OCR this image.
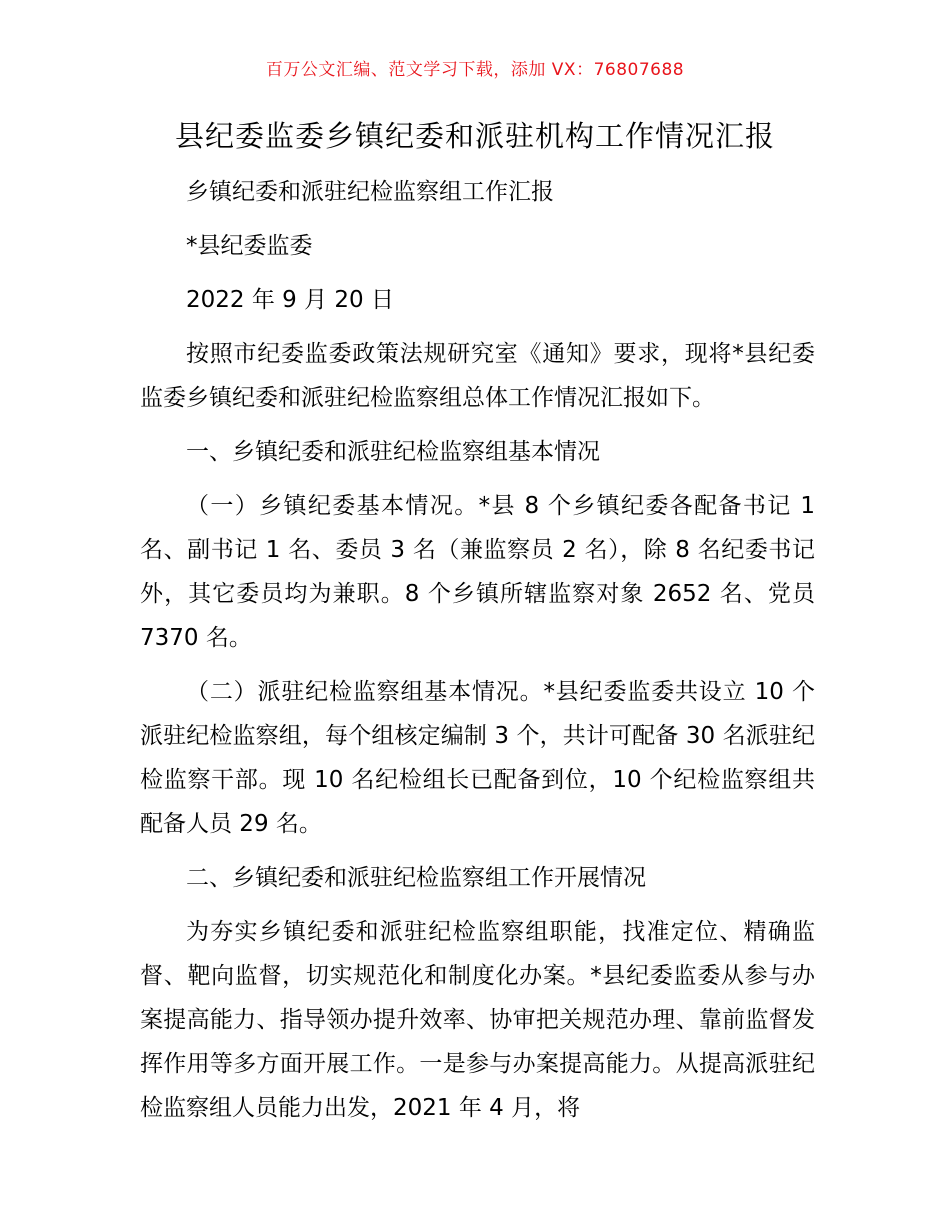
百万公文汇编、范文学习下载，添加 VX：76807688
县纪委监委乡镇纪委和派驻机构工作情况汇报

乡镇纪委和派驻纪检监察组工作汇报

*县纪委监委

2022 年 9 月 20 日

按照市纪委监委政策法规研究室《通知》要求，现将*县纪委监委乡镇纪委和派驻纪检监察组总体工作情况汇报如下。

一、乡镇纪委和派驻纪检监察组基本情况

（一）乡镇纪委基本情况。*县 8 个乡镇纪委各配备书记 1 名、副书记 1 名、委员 3 名（兼监察员 2 名），除 8 名纪委书记外，其它委员均为兼职。8 个乡镇所辖监察对象 2652 名、党员 7370 名。

（二）派驻纪检监察组基本情况。*县纪委监委共设立 10 个派驻纪检监察组，每个组核定编制 3 个，共计可配备 30 名派驻纪检监察干部。现 10 名纪检组长已配备到位，10 个纪检监察组共配备人员 29 名。

二、乡镇纪委和派驻纪检监察组工作开展情况

为夯实乡镇纪委和派驻纪检监察组职能，找准定位、精确监督、靶向监督，切实规范化和制度化办案。*县纪委监委从参与办案提高能力、指导领办提升效率、协审把关规范办理、靠前监督发挥作用等多方面开展工作。一是参与办案提高能力。从提高派驻纪检监察组人员能力出发，2021 年 4 月，将
